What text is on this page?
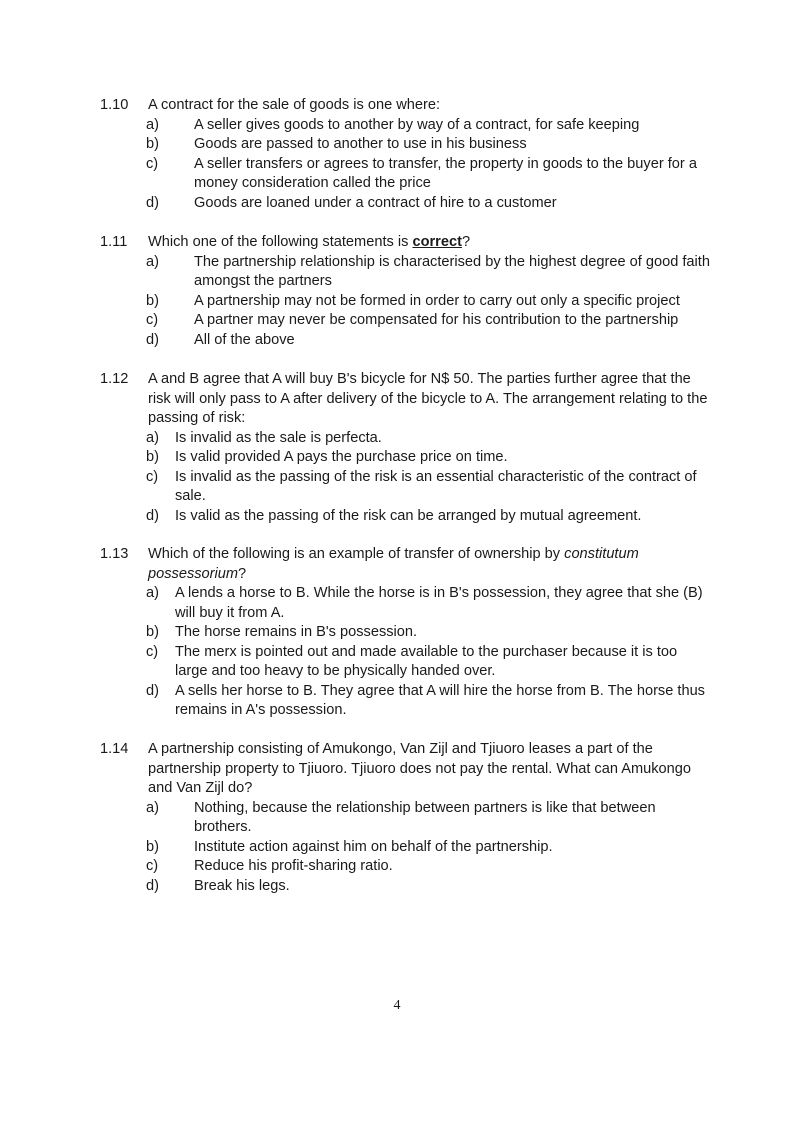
1.10	A contract for the sale of goods is one where:
a) A seller gives goods to another by way of a contract, for safe keeping
b) Goods are passed to another to use in his business
c) A seller transfers or agrees to transfer, the property in goods to the buyer for a money consideration called the price
d) Goods are loaned under a contract of hire to a customer
1.11	Which one of the following statements is correct?
a) The partnership relationship is characterised by the highest degree of good faith amongst the partners
b) A partnership may not be formed in order to carry out only a specific project
c) A partner may never be compensated for his contribution to the partnership
d) All of the above
1.12	A and B agree that A will buy B's bicycle for N$ 50. The parties further agree that the risk will only pass to A after delivery of the bicycle to A. The arrangement relating to the passing of risk:
a) Is invalid as the sale is perfecta.
b) Is valid provided A pays the purchase price on time.
c) Is invalid as the passing of the risk is an essential characteristic of the contract of sale.
d) Is valid as the passing of the risk can be arranged by mutual agreement.
1.13	Which of the following is an example of transfer of ownership by constitutum possessorium?
a) A lends a horse to B. While the horse is in B's possession, they agree that she (B) will buy it from A.
b) The horse remains in B's possession.
c) The merx is pointed out and made available to the purchaser because it is too large and too heavy to be physically handed over.
d) A sells her horse to B. They agree that A will hire the horse from B. The horse thus remains in A's possession.
1.14	A partnership consisting of Amukongo, Van Zijl and Tjiuoro leases a part of the partnership property to Tjiuoro. Tjiuoro does not pay the rental. What can Amukongo and Van Zijl do?
a) Nothing, because the relationship between partners is like that between brothers.
b) Institute action against him on behalf of the partnership.
c) Reduce his profit-sharing ratio.
d) Break his legs.
4
